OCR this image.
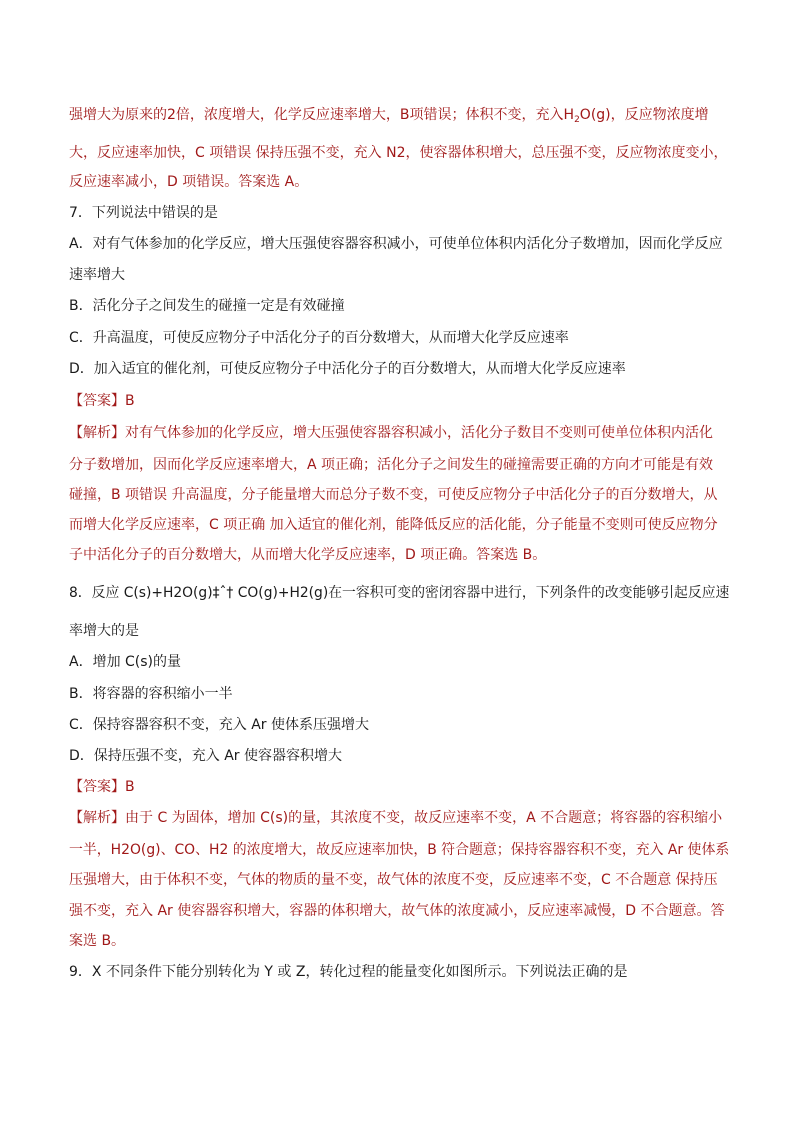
强增大为原来的2倍，浓度增大，化学反应速率增大，B项错误；体积不变，充入$H_2O(g)$，反应物浓度增
大，反应速率加快，C 项错误 保持压强不变，充入 N2，使容器体积增大，总压强不变，反应物浓度变小，
反应速率减小，D 项错误。答案选 A。
7．下列说法中错误的是
A．对有气体参加的化学反应，增大压强使容器容积减小，可使单位体积内活化分子数增加，因而化学反应
速率增大
B．活化分子之间发生的碰撞一定是有效碰撞
C．升高温度，可使反应物分子中活化分子的百分数增大，从而增大化学反应速率
D．加入适宜的催化剂，可使反应物分子中活化分子的百分数增大，从而增大化学反应速率
【答案】B
【解析】对有气体参加的化学反应，增大压强使容器容积减小，活化分子数目不变则可使单位体积内活化
分子数增加，因而化学反应速率增大，A 项正确；活化分子之间发生的碰撞需要正确的方向才可能是有效
碰撞，B 项错误 升高温度，分子能量增大而总分子数不变，可使反应物分子中活化分子的百分数增大，从
而增大化学反应速率，C 项正确 加入适宜的催化剂，能降低反应的活化能，分子能量不变则可使反应物分
子中活化分子的百分数增大，从而增大化学反应速率，D 项正确。答案选 B。
8．反应 C(s)+H2O(g)‡ˆ† CO(g)+H2(g)在一容积可变的密闭容器中进行，下列条件的改变能够引起反应速
率增大的是
A．增加 C(s)的量
B．将容器的容积缩小一半
C．保持容器容积不变，充入 Ar 使体系压强增大
D．保持压强不变，充入 Ar 使容器容积增大
【答案】B
【解析】由于 C 为固体，增加 C(s)的量，其浓度不变，故反应速率不变，A 不合题意；将容器的容积缩小
一半，H2O(g)、CO、H2 的浓度增大，故反应速率加快，B 符合题意；保持容器容积不变，充入 Ar 使体系
压强增大，由于体积不变，气体的物质的量不变，故气体的浓度不变，反应速率不变，C 不合题意 保持压
强不变，充入 Ar 使容器容积增大，容器的体积增大，故气体的浓度减小，反应速率减慢，D 不合题意。答
案选 B。
9．X 不同条件下能分别转化为 Y 或 Z，转化过程的能量变化如图所示。下列说法正确的是
